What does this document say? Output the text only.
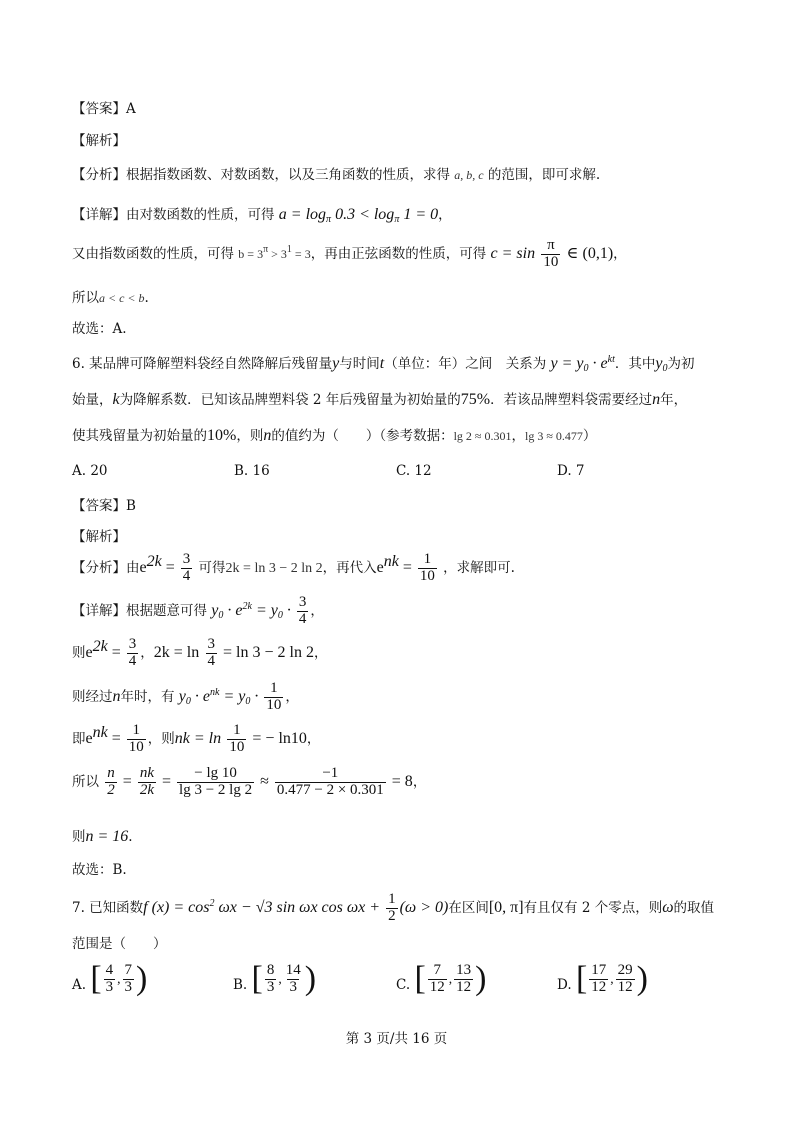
【答案】A
【解析】
【分析】根据指数函数、对数函数，以及三角函数的性质，求得 a, b, c 的范围，即可求解.
【详解】由对数函数的性质，可得 $a = \log_\pi 0.3 < \log_\pi 1 = 0$，
又由指数函数的性质，可得 $b = 3^\pi > 3^1 = 3$，再由正弦函数的性质，可得 $c = \sin \frac{\pi}{10}$ ∈ (0,1)，
所以a < c < b.
故选：A.
6. 某品牌可降解塑料袋经自然降解后残留量y与时间t（单位：年）之间　关系为 $y = y_0 \cdot e^{kt}$．其中$y_0$为初
始量，k为降解系数．已知该品牌塑料袋 2 年后残留量为初始量的75%．若该品牌塑料袋需要经过n年，
使其残留量为初始量的10%，则n的值约为（　　）（参考数据：lg 2 ≈ 0.301，lg 3 ≈ 0.477）
A. 20	B. 16	C. 12	D. 7
【答案】B
【解析】
【分析】由$e^{2k} = \frac{3}{4}$ 可得2k = ln 3 − 2 ln 2，再代入$e^{nk} = \frac{1}{10}$ ，求解即可.
【详解】根据题意可得 $y_0 \cdot e^{2k} = y_0 \cdot \frac{3}{4}$ ，
则$e^{2k} = \frac{3}{4}$ ，$2k = \ln \frac{3}{4} = \ln 3 - 2$ ln 2，
则经过n年时，有 $y_0 \cdot e^{nk} = y_0 \cdot \frac{1}{10}$ ，
即$e^{nk} = \frac{1}{10}$ ，则nk = $\ln \frac{1}{10}$ = − ln10，
所以 $\frac{n}{2} = \frac{nk}{2k} = \frac{- \lg 10}{\lg 3 - 2 \lg 2} \approx \frac{-1}{0.477 - 2 \times 0.301} = 8$，
则n = 16.
故选：B.
7. 已知函数f $(x) = \cos^2 \omega x - √3$ sin ωx $\cos \omega x + \frac{1}{2} (\omega > 0)$在区间[0, π]有且仅有 2 个零点，则ω的取值
范围是（　　）
A. [ $\frac{4}{3}$ , $\frac{7}{3}$ )	B. [ $\frac{8}{3}$ , $\frac{14}{3}$ )	C. [ $\frac{7}{12}$ , $\frac{13}{12}$ )	D. [ $\frac{17}{12}$ , $\frac{29}{12}$ )
第 3 页/共 16 页
